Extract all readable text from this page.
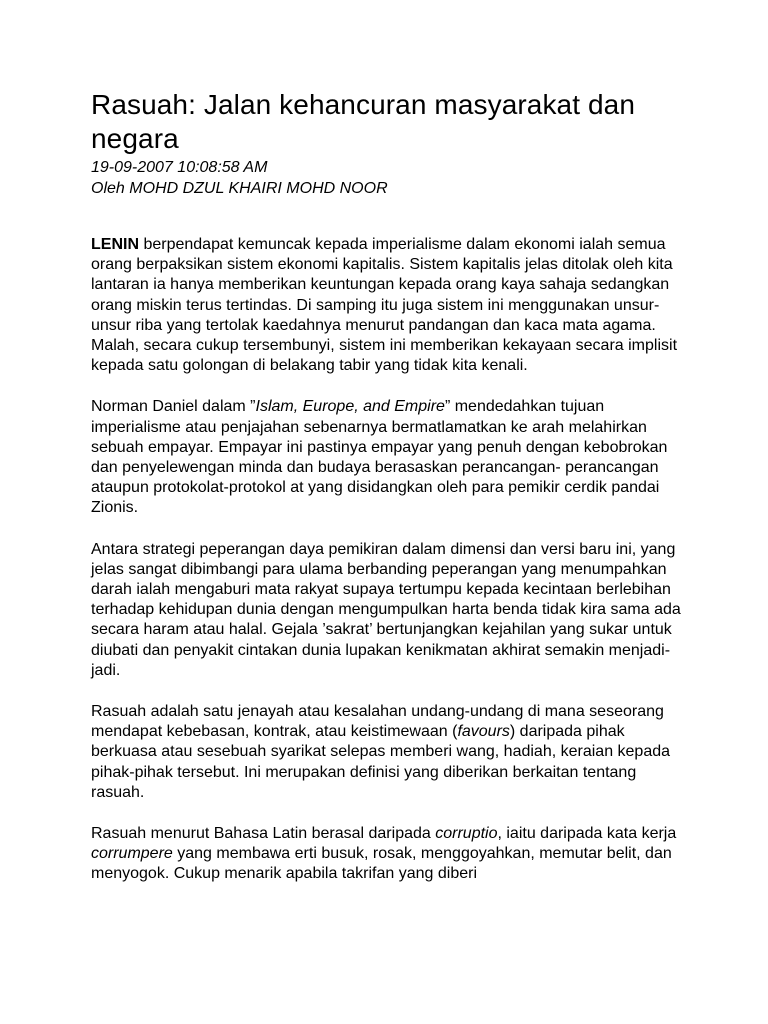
Rasuah: Jalan kehancuran masyarakat dan negara

19-09-2007 10:08:58 AM

Oleh MOHD DZUL KHAIRI MOHD NOOR

LENIN berpendapat kemuncak kepada imperialisme dalam ekonomi ialah semua orang berpaksikan sistem ekonomi kapitalis. Sistem kapitalis jelas ditolak oleh kita lantaran ia hanya memberikan keuntungan kepada orang kaya sahaja sedangkan orang miskin terus tertindas. Di samping itu juga sistem ini menggunakan unsur-unsur riba yang tertolak kaedahnya menurut pandangan dan kaca mata agama. Malah, secara cukup tersembunyi, sistem ini memberikan kekayaan secara implisit kepada satu golongan di belakang tabir yang tidak kita kenali.

Norman Daniel dalam ”Islam, Europe, and Empire” mendedahkan tujuan imperialisme atau penjajahan sebenarnya bermatlamatkan ke arah melahirkan sebuah empayar. Empayar ini pastinya empayar yang penuh dengan kebobrokan dan penyelewengan minda dan budaya berasaskan perancangan- perancangan ataupun protokolat-protokol at yang disidangkan oleh para pemikir cerdik pandai Zionis.

Antara strategi peperangan daya pemikiran dalam dimensi dan versi baru ini, yang jelas sangat dibimbangi para ulama berbanding peperangan yang menumpahkan darah ialah mengaburi mata rakyat supaya tertumpu kepada kecintaan berlebihan terhadap kehidupan dunia dengan mengumpulkan harta benda tidak kira sama ada secara haram atau halal. Gejala ’sakrat’ bertunjangkan kejahilan yang sukar untuk diubati dan penyakit cintakan dunia lupakan kenikmatan akhirat semakin menjadi-jadi.

Rasuah adalah satu jenayah atau kesalahan undang-undang di mana seseorang mendapat kebebasan, kontrak, atau keistimewaan (favours) daripada pihak berkuasa atau sesebuah syarikat selepas memberi wang, hadiah, keraian kepada pihak-pihak tersebut. Ini merupakan definisi yang diberikan berkaitan tentang rasuah.

Rasuah menurut Bahasa Latin berasal daripada corruptio, iaitu daripada kata kerja corrumpere yang membawa erti busuk, rosak, menggoyahkan, memutar belit, dan menyogok. Cukup menarik apabila takrifan yang diberi
